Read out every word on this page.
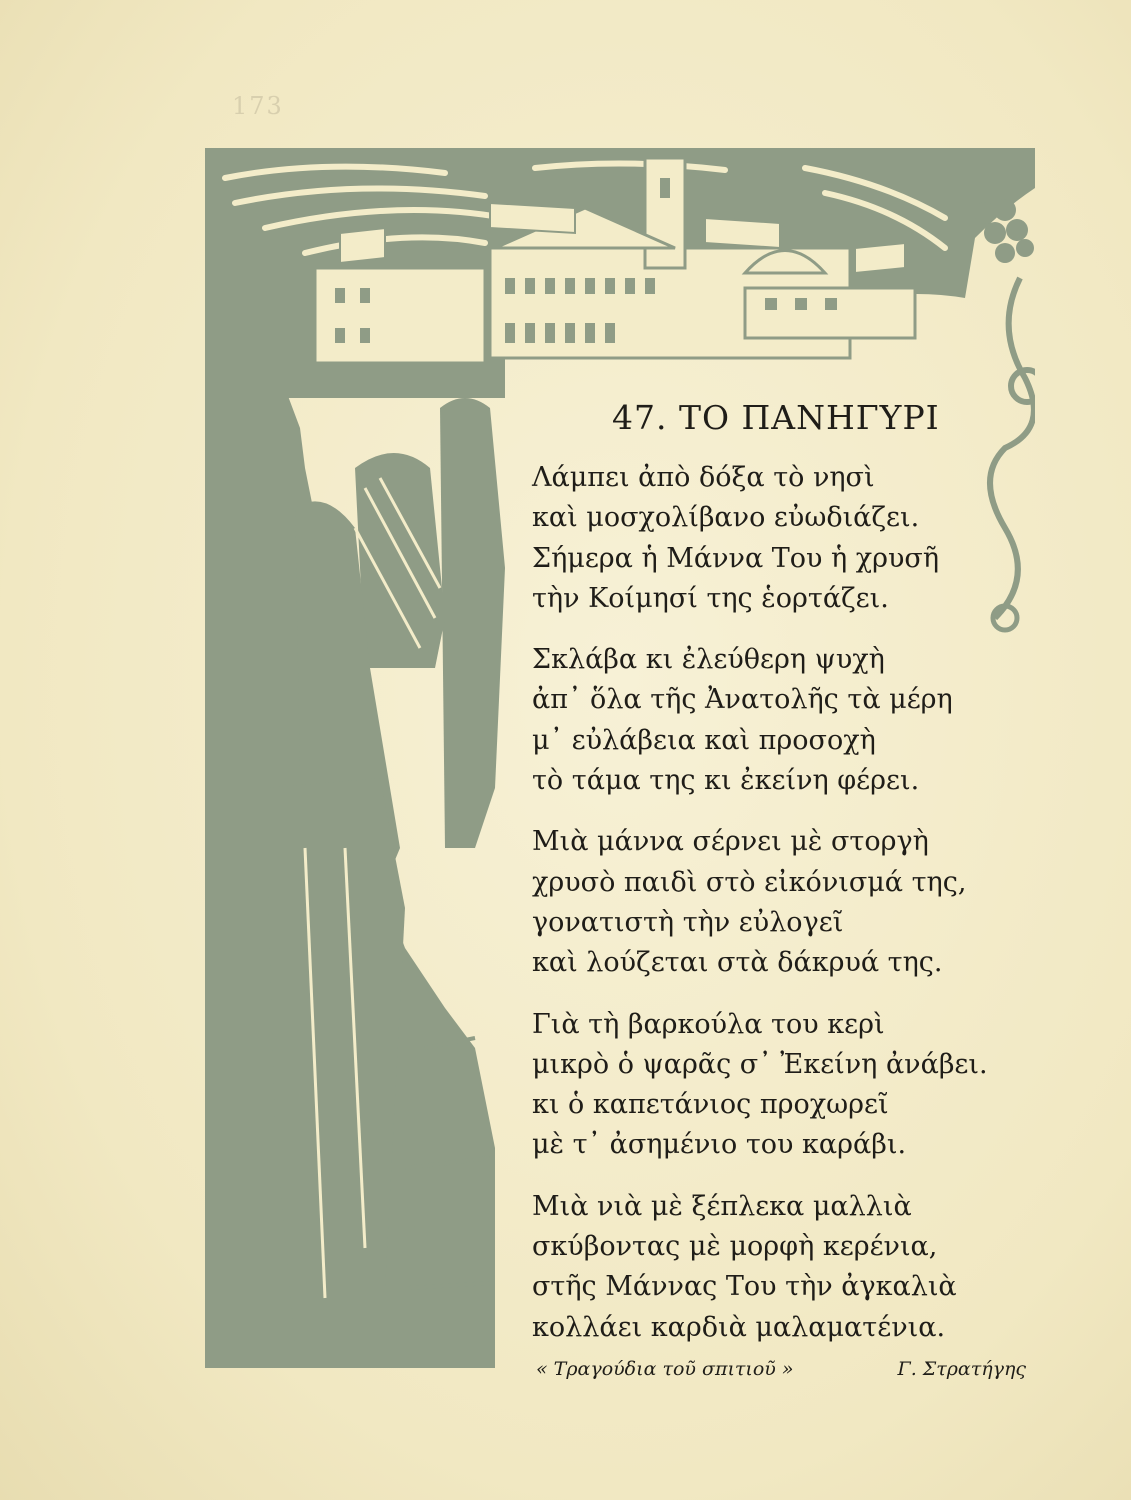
173
47. ΤΟ ΠΑΝΗΓΥΡΙ
Λάμπει ἀπὸ δόξα τὸ νησὶ
καὶ μοσχολίβανο εὐωδιάζει.
Σήμερα ἡ Μάννα Του ἡ χρυσῆ
τὴν Κοίμησί της ἑορτάζει.
Σκλάβα κι ἐλεύθερη ψυχὴ
ἀπ᾽ ὅλα τῆς Ἀνατολῆς τὰ μέρη
μ᾽ εὐλάβεια καὶ προσοχὴ
τὸ τάμα της κι ἐκείνη φέρει.
Μιὰ μάννα σέρνει μὲ στοργὴ
χρυσὸ παιδὶ στὸ εἰκόνισμά της,
γονατιστὴ τὴν εὐλογεῖ
καὶ λούζεται στὰ δάκρυά της.
Γιὰ τὴ βαρκούλα του κερὶ
μικρὸ ὁ ψαρᾶς σ᾽ Ἐκείνη ἀνάβει.
κι ὁ καπετάνιος προχωρεῖ
μὲ τ᾽ ἀσημένιο του καράβι.
Μιὰ νιὰ μὲ ξέπλεκα μαλλιὰ
σκύβοντας μὲ μορφὴ κερένια,
στῆς Μάννας Του τὴν ἀγκαλιὰ
κολλάει καρδιὰ μαλαματένια.
« Τραγούδια τοῦ σπιτιοῦ »	Γ. Στρατήγης
